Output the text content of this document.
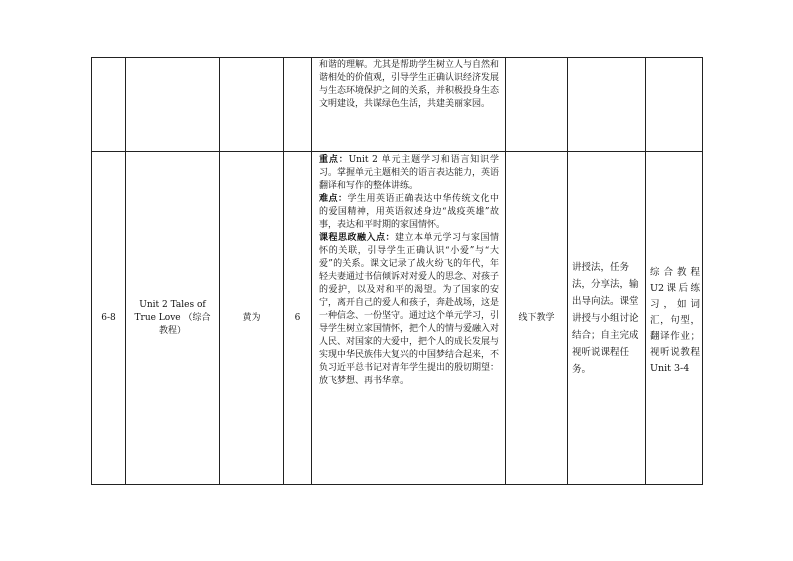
和谐的理解。尤其是帮助学生树立人与自然和谐相处的价值观，引导学生正确认识经济发展与生态环境保护之间的关系，并积极投身生态文明建设，共谋绿色生活，共建美丽家园。
6-8
Unit 2 Tales of True Love （综合教程）
黄为	6

重点：Unit 2 单元主题学习和语言知识学习。掌握单元主题相关的语言表达能力，英语翻译和写作的整体讲练。

难点：学生用英语正确表达中华传统文化中的爱国精神，用英语叙述身边“战疫英雄”故事，表达和平时期的家国情怀。

课程思政融入点：建立本单元学习与家国情怀的关联，引导学生正确认识“小爱”与“大爱”的关系。课文记录了战火纷飞的年代，年轻夫妻通过书信倾诉对对爱人的思念、对孩子的爱护，以及对和平的渴望。为了国家的安宁，离开自己的爱人和孩子，奔赴战场，这是一种信念、一份坚守。通过这个单元学习，引导学生树立家国情怀，把个人的情与爱融入对人民、对国家的大爱中，把个人的成长发展与实现中华民族伟大复兴的中国梦结合起来，不负习近平总书记对青年学生提出的殷切期望：放飞梦想、再书华章。

线下教学
讲授法，任务法，分享法，输出导向法。课堂讲授与小组讨论结合；自主完成视听说课程任务。
综合教程U2课后练习，如词汇，句型，翻译作业；视听说教程 Unit 3-4
